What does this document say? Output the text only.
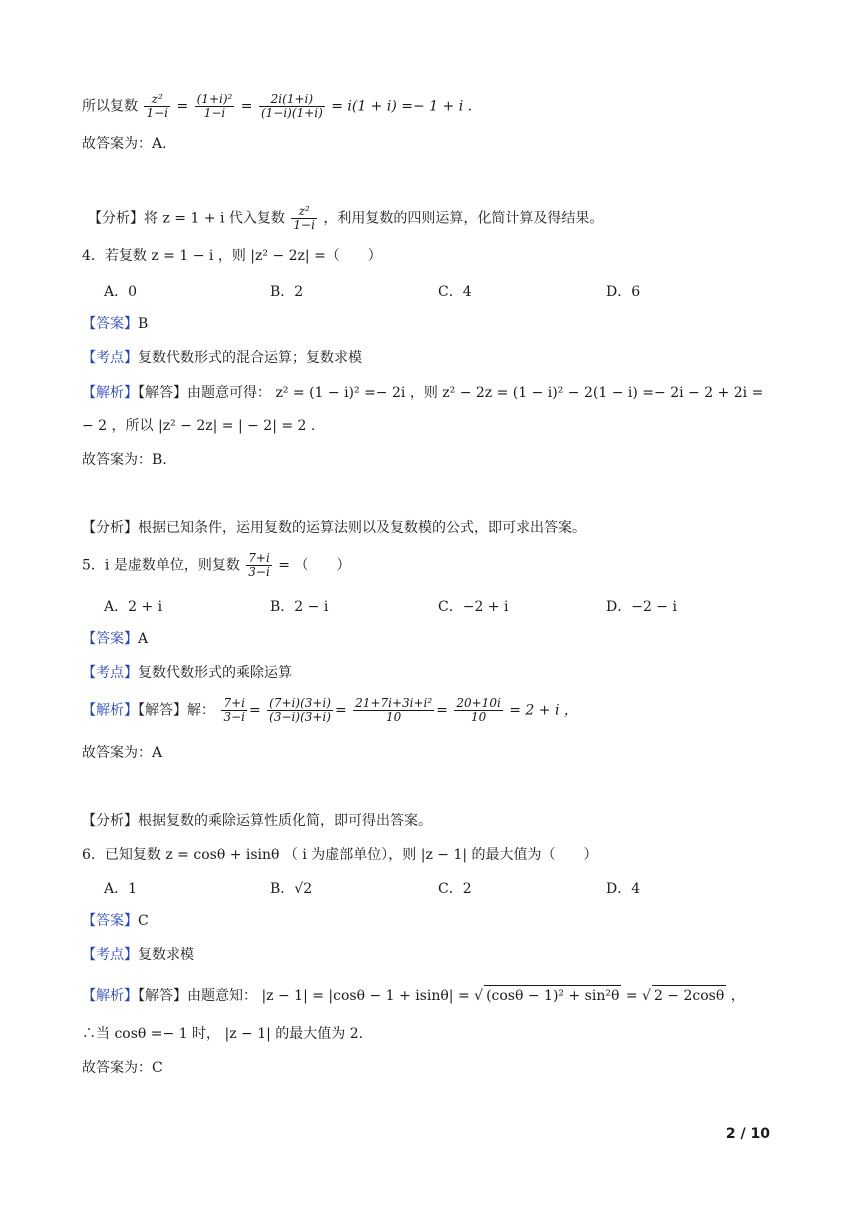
所以复数 $\frac{\text{z²}}{1-i} = \frac{\text{(1+i)²}}{1-i} = \frac{2i(1+i)}{(1-i)(1+i)} = i(1 + i) =- 1 + i$ .
故答案为：A.
【分析】将 z = 1 + i 代入复数 $\frac{\text{z²}}{1-i}$ ，利用复数的四则运算，化简计算及得结果。
4．若复数 z = 1 − i ，则 |z² − 2z| =（　　）
A．0	B．2	C．4	D．6
【答案】B
【考点】复数代数形式的混合运算；复数求模
【解析】【解答】由题意可得： z² = (1 − i)² =− 2i ，则 z² − 2z = (1 − i)² − 2(1 − i) =− 2i − 2 + 2i =
− 2 ，所以 |z² − 2z| = | − 2| = 2 .
故答案为：B.
【分析】根据已知条件，运用复数的运算法则以及复数模的公式，即可求出答案。
5．i 是虚数单位，则复数 $\frac{7+i}{3-i}$ = （　　）
A．2 + i	B．2 − i	C．−2 + i	D．−2 − i
【答案】A
【考点】复数代数形式的乘除运算
【解析】【解答】解： $\frac{7+i}{3-i} = \frac{(7+i)(3+i)}{(3-i)(3+i)} = \frac{\text{21+7i+3i+i²}}{10} = \frac{20+10i}{10} = 2 + i$ ，
故答案为：A
【分析】根据复数的乘除运算性质化简，即可得出答案。
6．已知复数 z = cosθ + isinθ （ i 为虚部单位），则 |z − 1| 的最大值为（　　）
A．1	B．√2	C．2	D．4
【答案】C
【考点】复数求模
【解析】【解答】由题意知： |z − 1| = |cosθ − 1 + isinθ| = √ (cosθ − 1)² + sin²θ = √ 2 − 2cosθ ，
∴当 cosθ =− 1 时， |z − 1| 的最大值为 2.
故答案为：C
2 / 10
